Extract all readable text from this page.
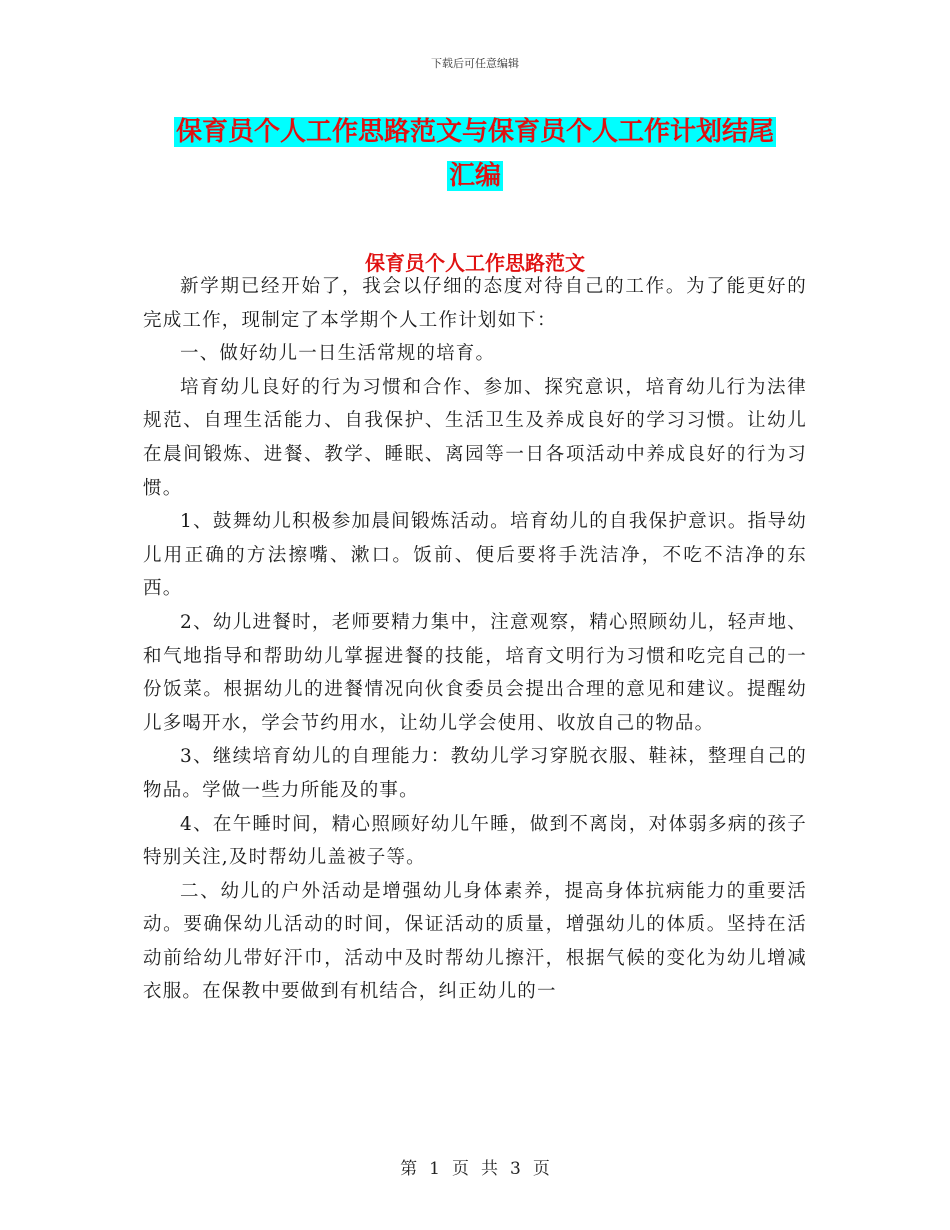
下载后可任意编辑
保育员个人工作思路范文与保育员个人工作计划结尾
汇编
保育员个人工作思路范文

新学期已经开始了，我会以仔细的态度对待自己的工作。为了能更好的完成工作，现制定了本学期个人工作计划如下：

一、做好幼儿一日生活常规的培育。

培育幼儿良好的行为习惯和合作、参加、探究意识，培育幼儿行为法律规范、自理生活能力、自我保护、生活卫生及养成良好的学习习惯。让幼儿在晨间锻炼、进餐、教学、睡眠、离园等一日各项活动中养成良好的行为习惯。

1、鼓舞幼儿积极参加晨间锻炼活动。培育幼儿的自我保护意识。指导幼儿用正确的方法擦嘴、漱口。饭前、便后要将手洗洁净，不吃不洁净的东西。

2、幼儿进餐时，老师要精力集中，注意观察，精心照顾幼儿，轻声地、和气地指导和帮助幼儿掌握进餐的技能，培育文明行为习惯和吃完自己的一份饭菜。根据幼儿的进餐情况向伙食委员会提出合理的意见和建议。提醒幼儿多喝开水，学会节约用水，让幼儿学会使用、收放自己的物品。

3、继续培育幼儿的自理能力：教幼儿学习穿脱衣服、鞋袜，整理自己的物品。学做一些力所能及的事。

4、在午睡时间，精心照顾好幼儿午睡，做到不离岗，对体弱多病的孩子特别关注,及时帮幼儿盖被子等。

二、幼儿的户外活动是增强幼儿身体素养，提高身体抗病能力的重要活动。要确保幼儿活动的时间，保证活动的质量，增强幼儿的体质。坚持在活动前给幼儿带好汗巾，活动中及时帮幼儿擦汗，根据气候的变化为幼儿增减衣服。在保教中要做到有机结合，纠正幼儿的一

第 1 页 共 3 页
